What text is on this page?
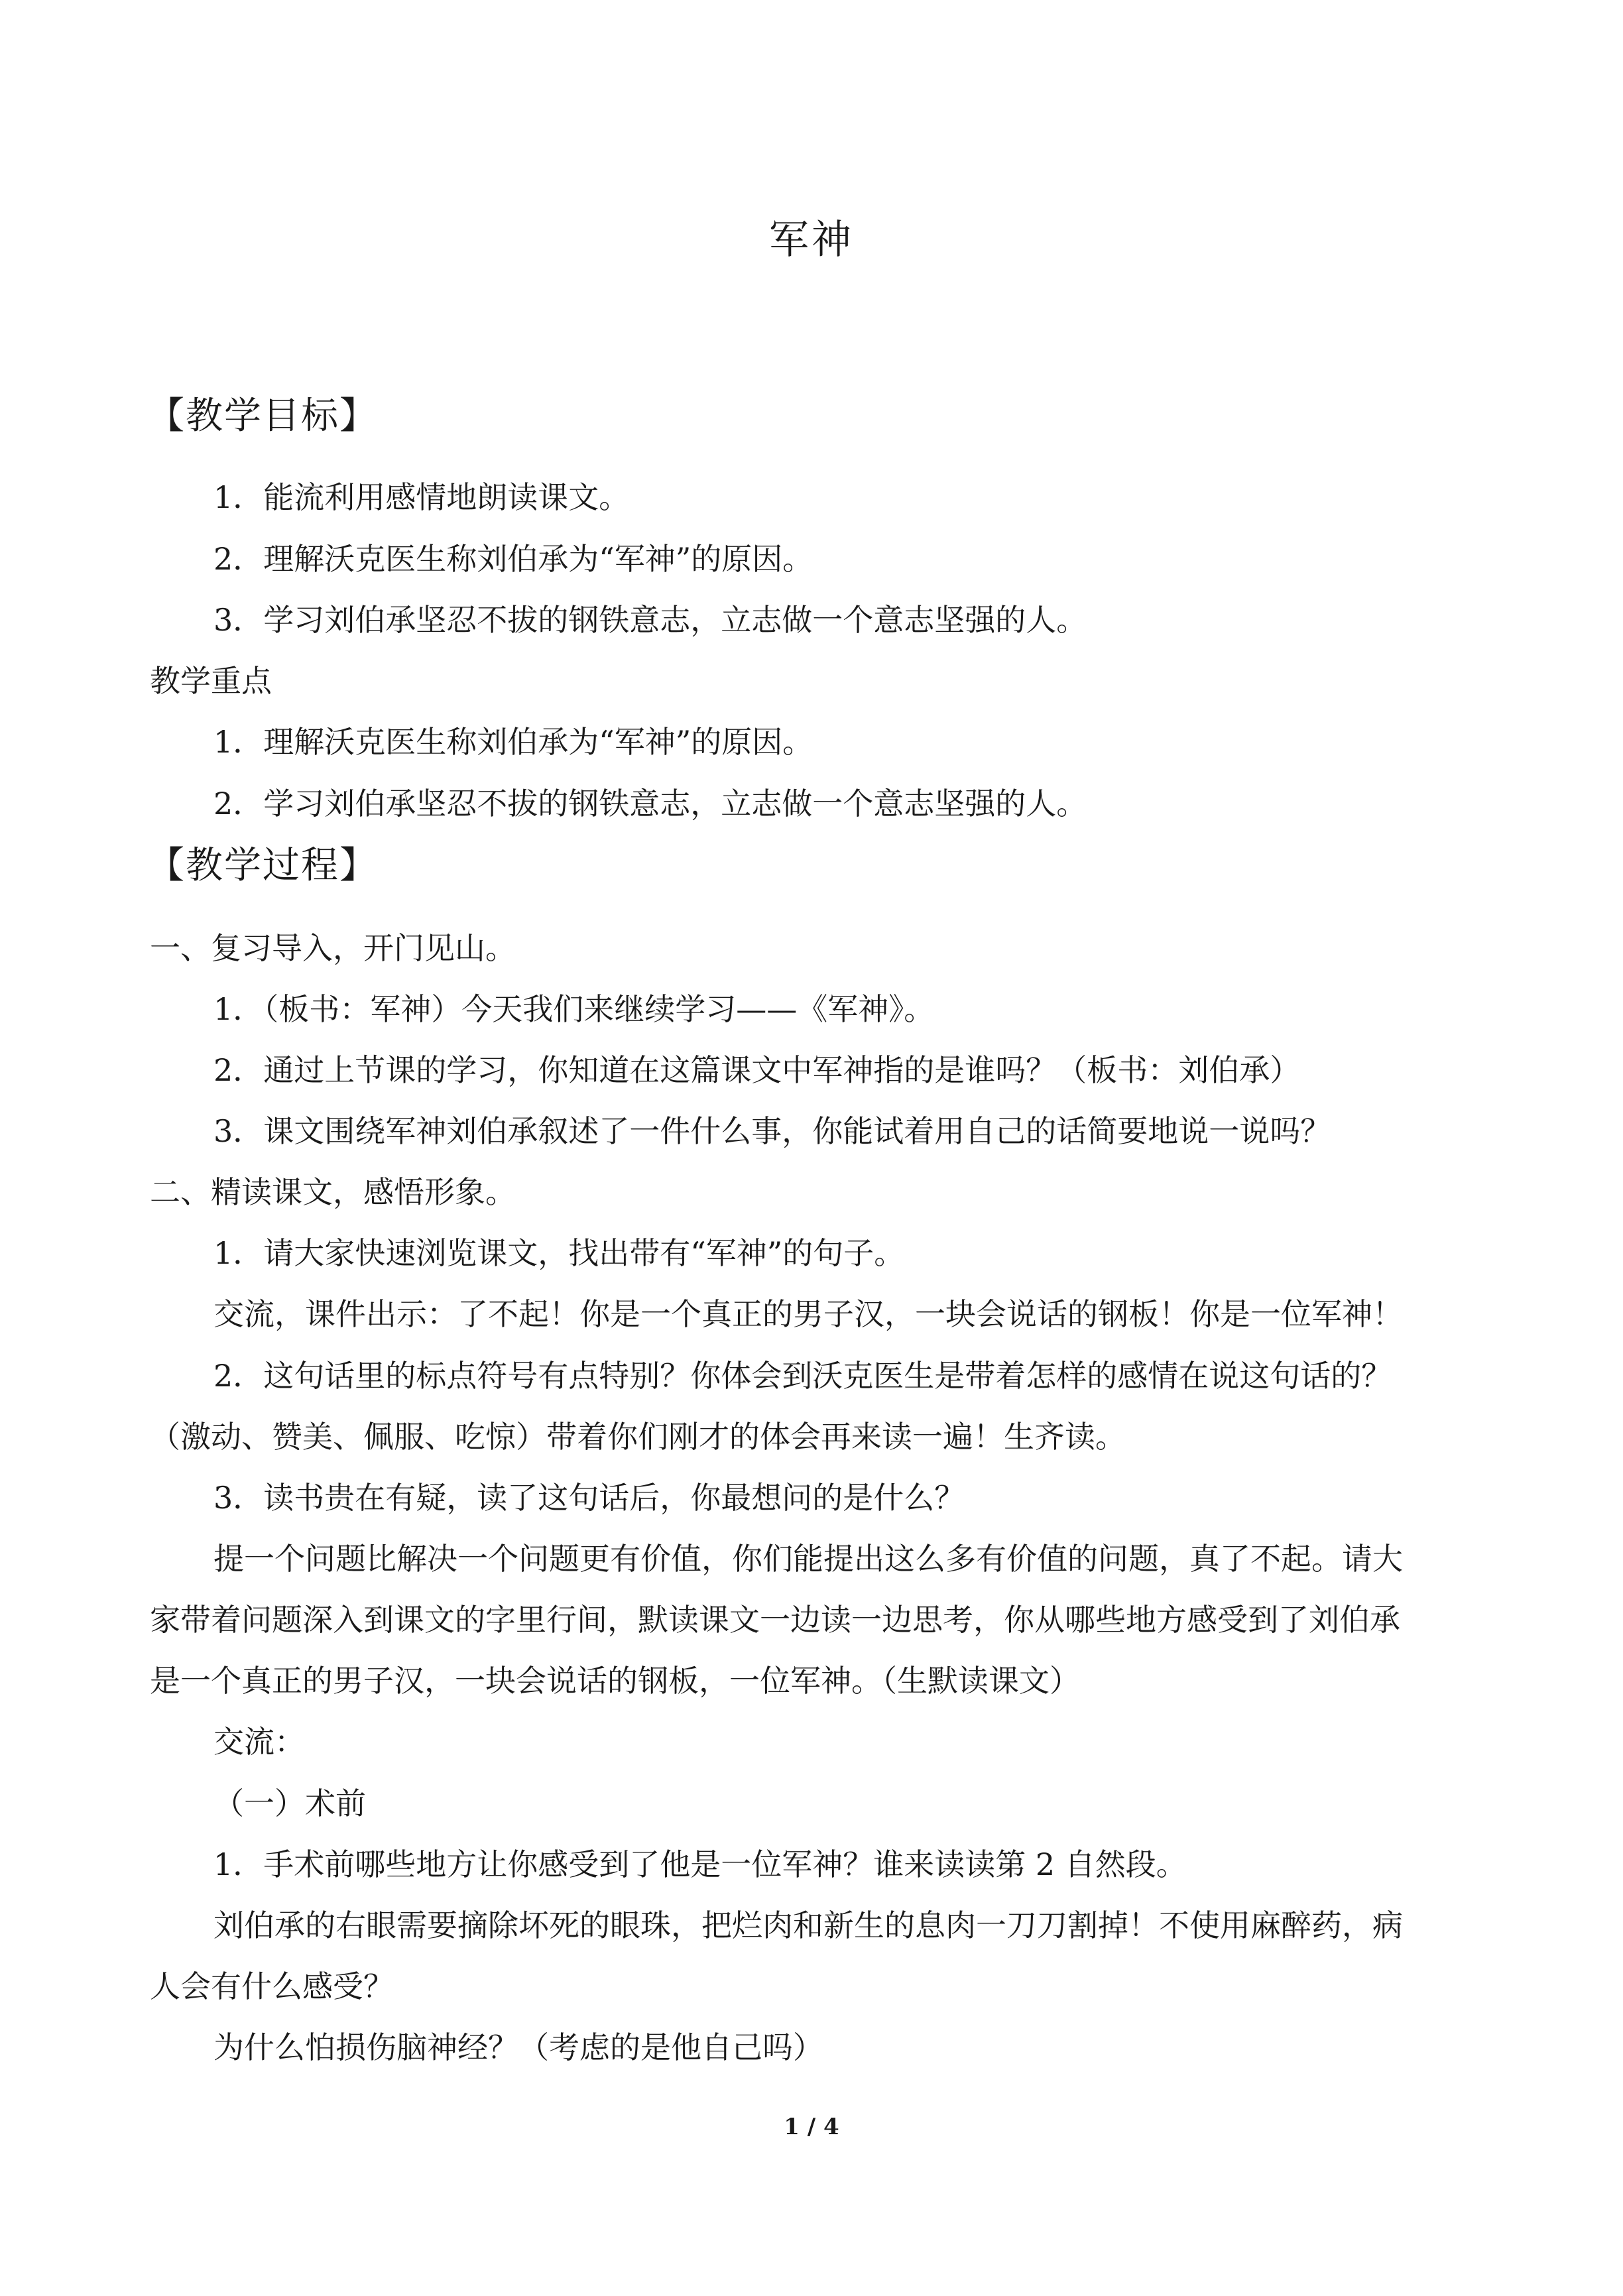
军神
【教学目标】
1．能流利用感情地朗读课文。
2．理解沃克医生称刘伯承为“军神”的原因。
3．学习刘伯承坚忍不拔的钢铁意志，立志做一个意志坚强的人。
教学重点
1．理解沃克医生称刘伯承为“军神”的原因。
2．学习刘伯承坚忍不拔的钢铁意志，立志做一个意志坚强的人。
【教学过程】
一、复习导入，开门见山。
1．（板书：军神）今天我们来继续学习——《军神》。
2．通过上节课的学习，你知道在这篇课文中军神指的是谁吗？（板书：刘伯承）
3．课文围绕军神刘伯承叙述了一件什么事，你能试着用自己的话简要地说一说吗？
二、精读课文，感悟形象。
1．请大家快速浏览课文，找出带有“军神”的句子。
交流，课件出示：了不起！你是一个真正的男子汉，一块会说话的钢板！你是一位军神！
2．这句话里的标点符号有点特别？你体会到沃克医生是带着怎样的感情在说这句话的？
（激动、赞美、佩服、吃惊）带着你们刚才的体会再来读一遍！生齐读。
3．读书贵在有疑，读了这句话后，你最想问的是什么？
提一个问题比解决一个问题更有价值，你们能提出这么多有价值的问题，真了不起。请大
家带着问题深入到课文的字里行间，默读课文一边读一边思考，你从哪些地方感受到了刘伯承
是一个真正的男子汉，一块会说话的钢板，一位军神。（生默读课文）
交流：
（一）术前
1．手术前哪些地方让你感受到了他是一位军神？谁来读读第 2 自然段。
刘伯承的右眼需要摘除坏死的眼珠，把烂肉和新生的息肉一刀刀割掉！不使用麻醉药，病
人会有什么感受？
为什么怕损伤脑神经？（考虑的是他自己吗）
1 / 4
